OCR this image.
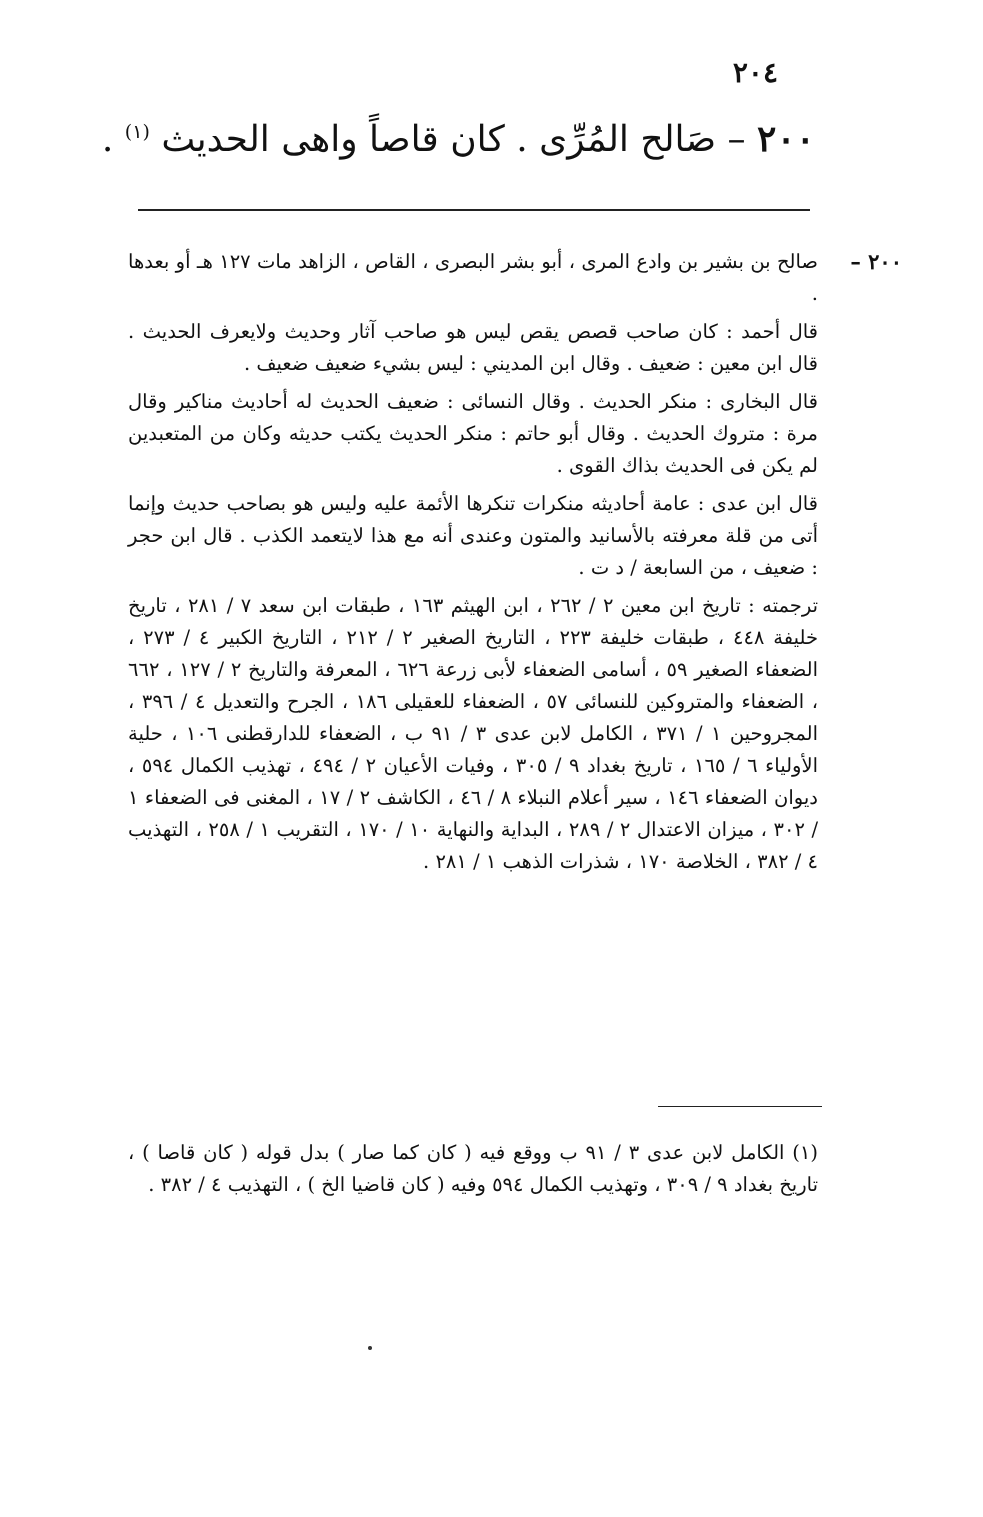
٢٠٤
٢٠٠ – صَالح المُرِّى . كان قاصاً واهى الحديث $^{(١)}$ .

٢٠٠ –
صالح بن بشير بن وادع المرى ، أبو بشر البصرى ، القاص ، الزاهد مات ١٢٧ هـ أو بعدها .

قال أحمد : كان صاحب قصص يقص ليس هو صاحب آثار وحديث ولايعرف الحديث . قال ابن معين : ضعيف . وقال ابن المديني : ليس بشيء ضعيف ضعيف .

قال البخارى : منكر الحديث . وقال النسائى : ضعيف الحديث له أحاديث مناكير وقال مرة : متروك الحديث . وقال أبو حاتم : منكر الحديث يكتب حديثه وكان من المتعبدين لم يكن فى الحديث بذاك القوى .

قال ابن عدى : عامة أحاديثه منكرات تنكرها الأئمة عليه وليس هو بصاحب حديث وإنما أتى من قلة معرفته بالأسانيد والمتون وعندى أنه مع هذا لايتعمد الكذب . قال ابن حجر : ضعيف ، من السابعة / د ت .

ترجمته : تاريخ ابن معين ٢ / ٢٦٢ ، ابن الهيثم ١٦٣ ، طبقات ابن سعد ٧ / ٢٨١ ، تاريخ خليفة ٤٤٨ ، طبقات خليفة ٢٢٣ ، التاريخ الصغير ٢ / ٢١٢ ، التاريخ الكبير ٤ / ٢٧٣ ، الضعفاء الصغير ٥٩ ، أسامى الضعفاء لأبى زرعة ٦٢٦ ، المعرفة والتاريخ ٢ / ١٢٧ ، ٦٦٢ ، الضعفاء والمتروكين للنسائى ٥٧ ، الضعفاء للعقيلى ١٨٦ ، الجرح والتعديل ٤ / ٣٩٦ ، المجروحين ١ / ٣٧١ ، الكامل لابن عدى ٣ / ٩١ ب ، الضعفاء للدارقطنى ١٠٦ ، حلية الأولياء ٦ / ١٦٥ ، تاريخ بغداد ٩ / ٣٠٥ ، وفيات الأعيان ٢ / ٤٩٤ ، تهذيب الكمال ٥٩٤ ، ديوان الضعفاء ١٤٦ ، سير أعلام النبلاء ٨ / ٤٦ ، الكاشف ٢ / ١٧ ، المغنى فى الضعفاء ١ / ٣٠٢ ، ميزان الاعتدال ٢ / ٢٨٩ ، البداية والنهاية ١٠ / ١٧٠ ، التقريب ١ / ٢٥٨ ، التهذيب ٤ / ٣٨٢ ، الخلاصة ١٧٠ ، شذرات الذهب ١ / ٢٨١ .

(١) الكامل لابن عدى ٣ / ٩١ ب ووقع فيه ( كان كما صار ) بدل قوله ( كان قاصا ) ، تاريخ بغداد ٩ / ٣٠٩ ، وتهذيب الكمال ٥٩٤ وفيه ( كان قاضيا الخ ) ، التهذيب ٤ / ٣٨٢ .
